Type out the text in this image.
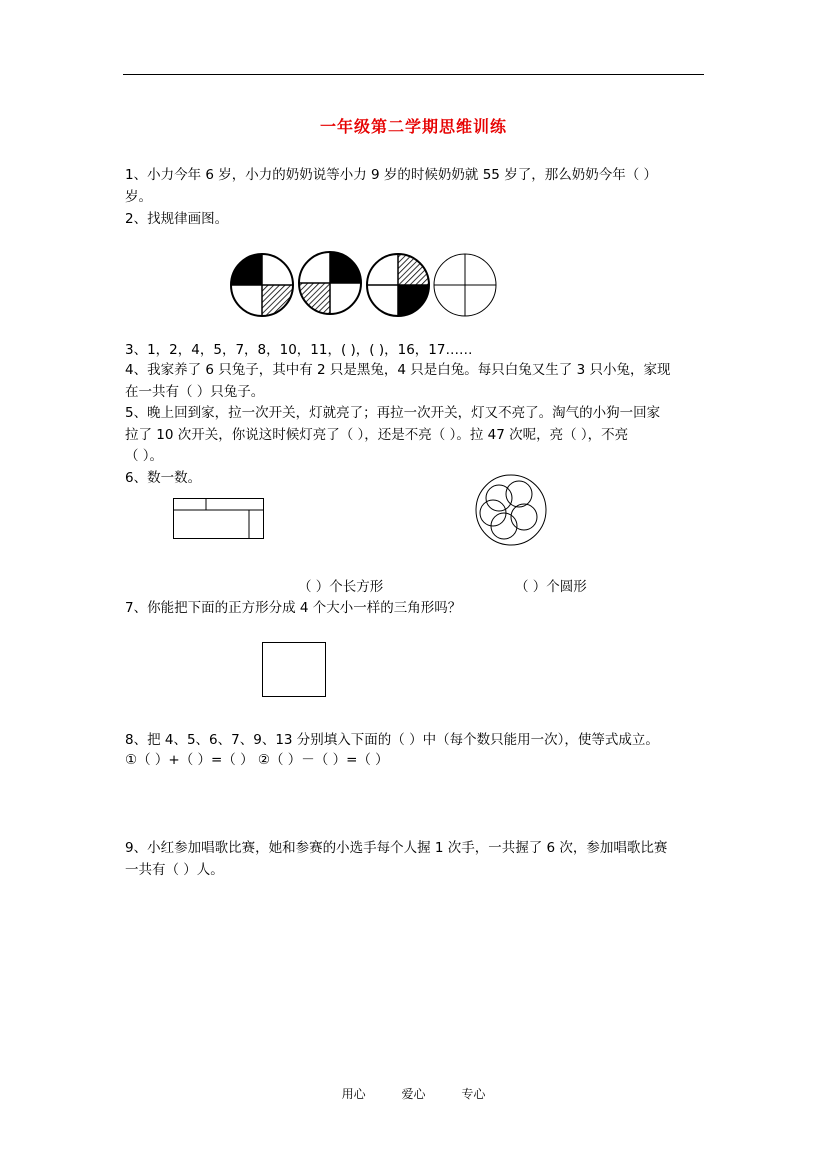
一年级第二学期思维训练
1、小力今年 6 岁，小力的奶奶说等小力 9 岁的时候奶奶就 55 岁了，那么奶奶今年（ ）
岁。
2、找规律画图。
3、1，2，4，5，7，8，10，11，( )，( )，16，17……
4、我家养了 6 只兔子，其中有 2 只是黑兔，4 只是白兔。每只白兔又生了 3 只小兔，家现
在一共有（ ）只兔子。
5、晚上回到家，拉一次开关，灯就亮了；再拉一次开关，灯又不亮了。淘气的小狗一回家
拉了 10 次开关，你说这时候灯亮了（ ），还是不亮（ ）。拉 47 次呢，亮（ ），不亮
（ ）。
6、数一数。
（ ）个长方形	（ ）个圆形
7、你能把下面的正方形分成 4 个大小一样的三角形吗？
8、把 4、5、6、7、9、13 分别填入下面的（ ）中（每个数只能用一次），使等式成立。
①（ ）+（ ）=（ ） ②（ ）－（ ）=（ ）
9、小红参加唱歌比赛，她和参赛的小选手每个人握 1 次手，一共握了 6 次，参加唱歌比赛
一共有（ ）人。
用心	爱心	专心
